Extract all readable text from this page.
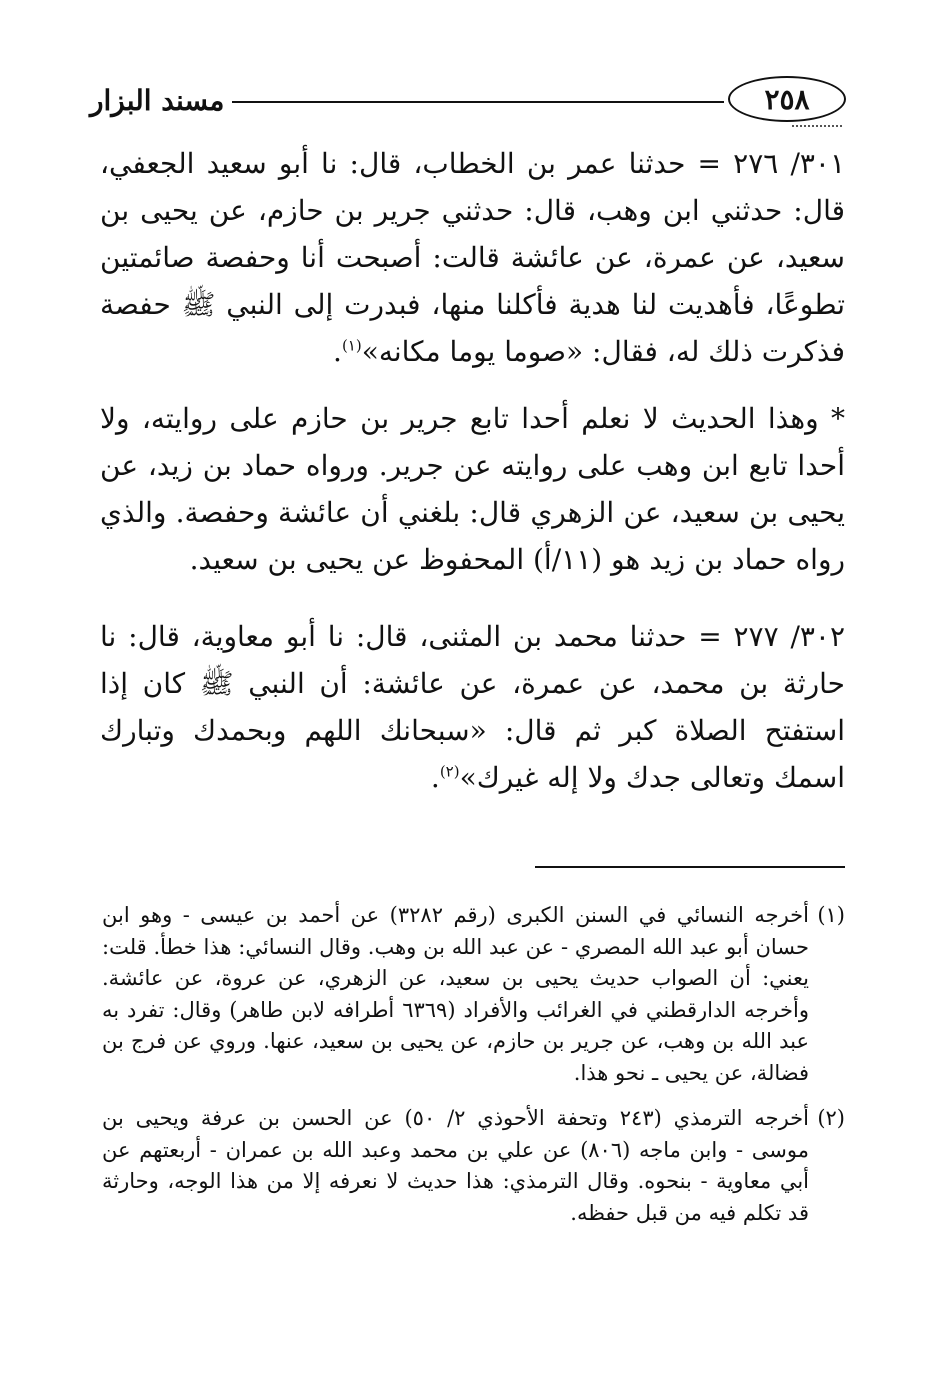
٢٥٨
مسند البزار

٣٠١/ ٢٧٦ = حدثنا عمر بن الخطاب، قال: نا أبو سعيد الجعفي، قال: حدثني ابن وهب، قال: حدثني جرير بن حازم، عن يحيى بن سعيد، عن عمرة، عن عائشة قالت: أصبحت أنا وحفصة صائمتين تطوعًا، فأهديت لنا هدية فأكلنا منها، فبدرت إلى النبي ﷺ حفصة فذكرت ذلك له، فقال: «صوما يوما مكانه»$^{(١)}$.

* وهذا الحديث لا نعلم أحدا تابع جرير بن حازم على روايته، ولا أحدا تابع ابن وهب على روايته عن جرير. ورواه حماد بن زيد، عن يحيى بن سعيد، عن الزهري قال: بلغني أن عائشة وحفصة. والذي رواه حماد بن زيد هو (١١/أ) المحفوظ عن يحيى بن سعيد.

٣٠٢/ ٢٧٧ = حدثنا محمد بن المثنى، قال: نا أبو معاوية، قال: نا حارثة بن محمد، عن عمرة، عن عائشة: أن النبي ﷺ كان إذا استفتح الصلاة كبر ثم قال: «سبحانك اللهم وبحمدك وتبارك اسمك وتعالى جدك ولا إله غيرك»$^{(٢)}$.

(١)
أخرجه النسائي في السنن الكبرى (رقم ٣٢٨٢) عن أحمد بن عيسى - وهو ابن حسان أبو عبد الله المصري - عن عبد الله بن وهب. وقال النسائي: هذا خطأ. قلت: يعني: أن الصواب حديث يحيى بن سعيد، عن الزهري، عن عروة، عن عائشة. وأخرجه الدارقطني في الغرائب والأفراد (٦٣٦٩ أطرافه لابن طاهر) وقال: تفرد به عبد الله بن وهب، عن جرير بن حازم، عن يحيى بن سعيد، عنها. وروي عن فرج بن فضالة، عن يحيى ـ نحو هذا.
(٢)
أخرجه الترمذي (٢٤٣ وتحفة الأحوذي ٢/ ٥٠) عن الحسن بن عرفة ويحيى بن موسى - وابن ماجه (٨٠٦) عن علي بن محمد وعبد الله بن عمران - أربعتهم عن أبي معاوية - بنحوه. وقال الترمذي: هذا حديث لا نعرفه إلا من هذا الوجه، وحارثة قد تكلم فيه من قبل حفظه.
